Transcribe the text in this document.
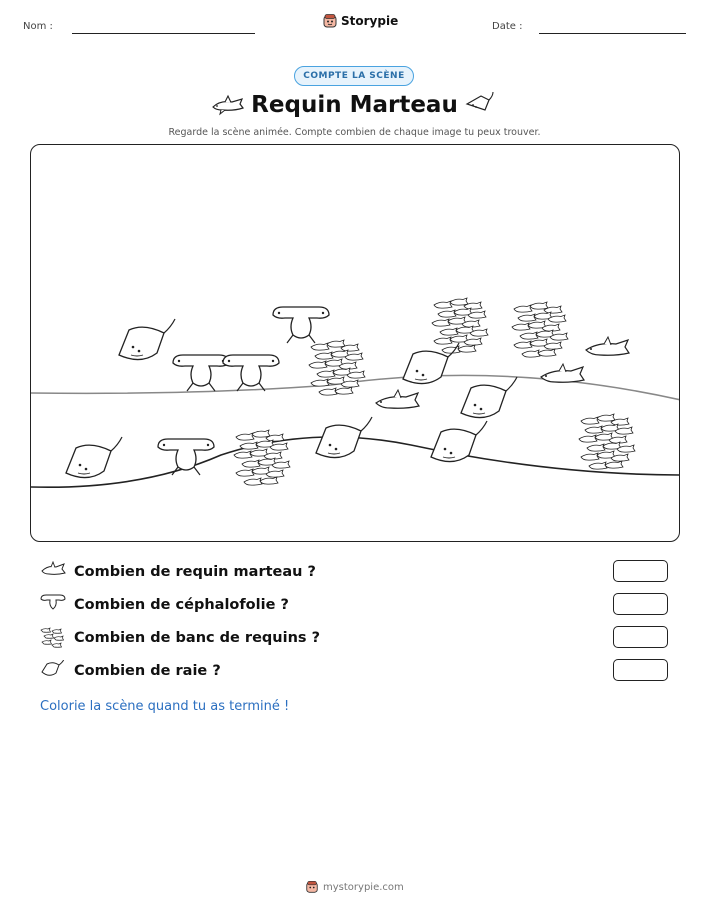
Nom :	Storypie	Date :
COMPTE LA SCÈNE
Requin Marteau
Regarde la scène animée. Compte combien de chaque image tu peux trouver.
Combien de requin marteau ?
Combien de céphalofolie ?
Combien de banc de requins ?
Combien de raie ?
Colorie la scène quand tu as terminé !
mystorypie.com
